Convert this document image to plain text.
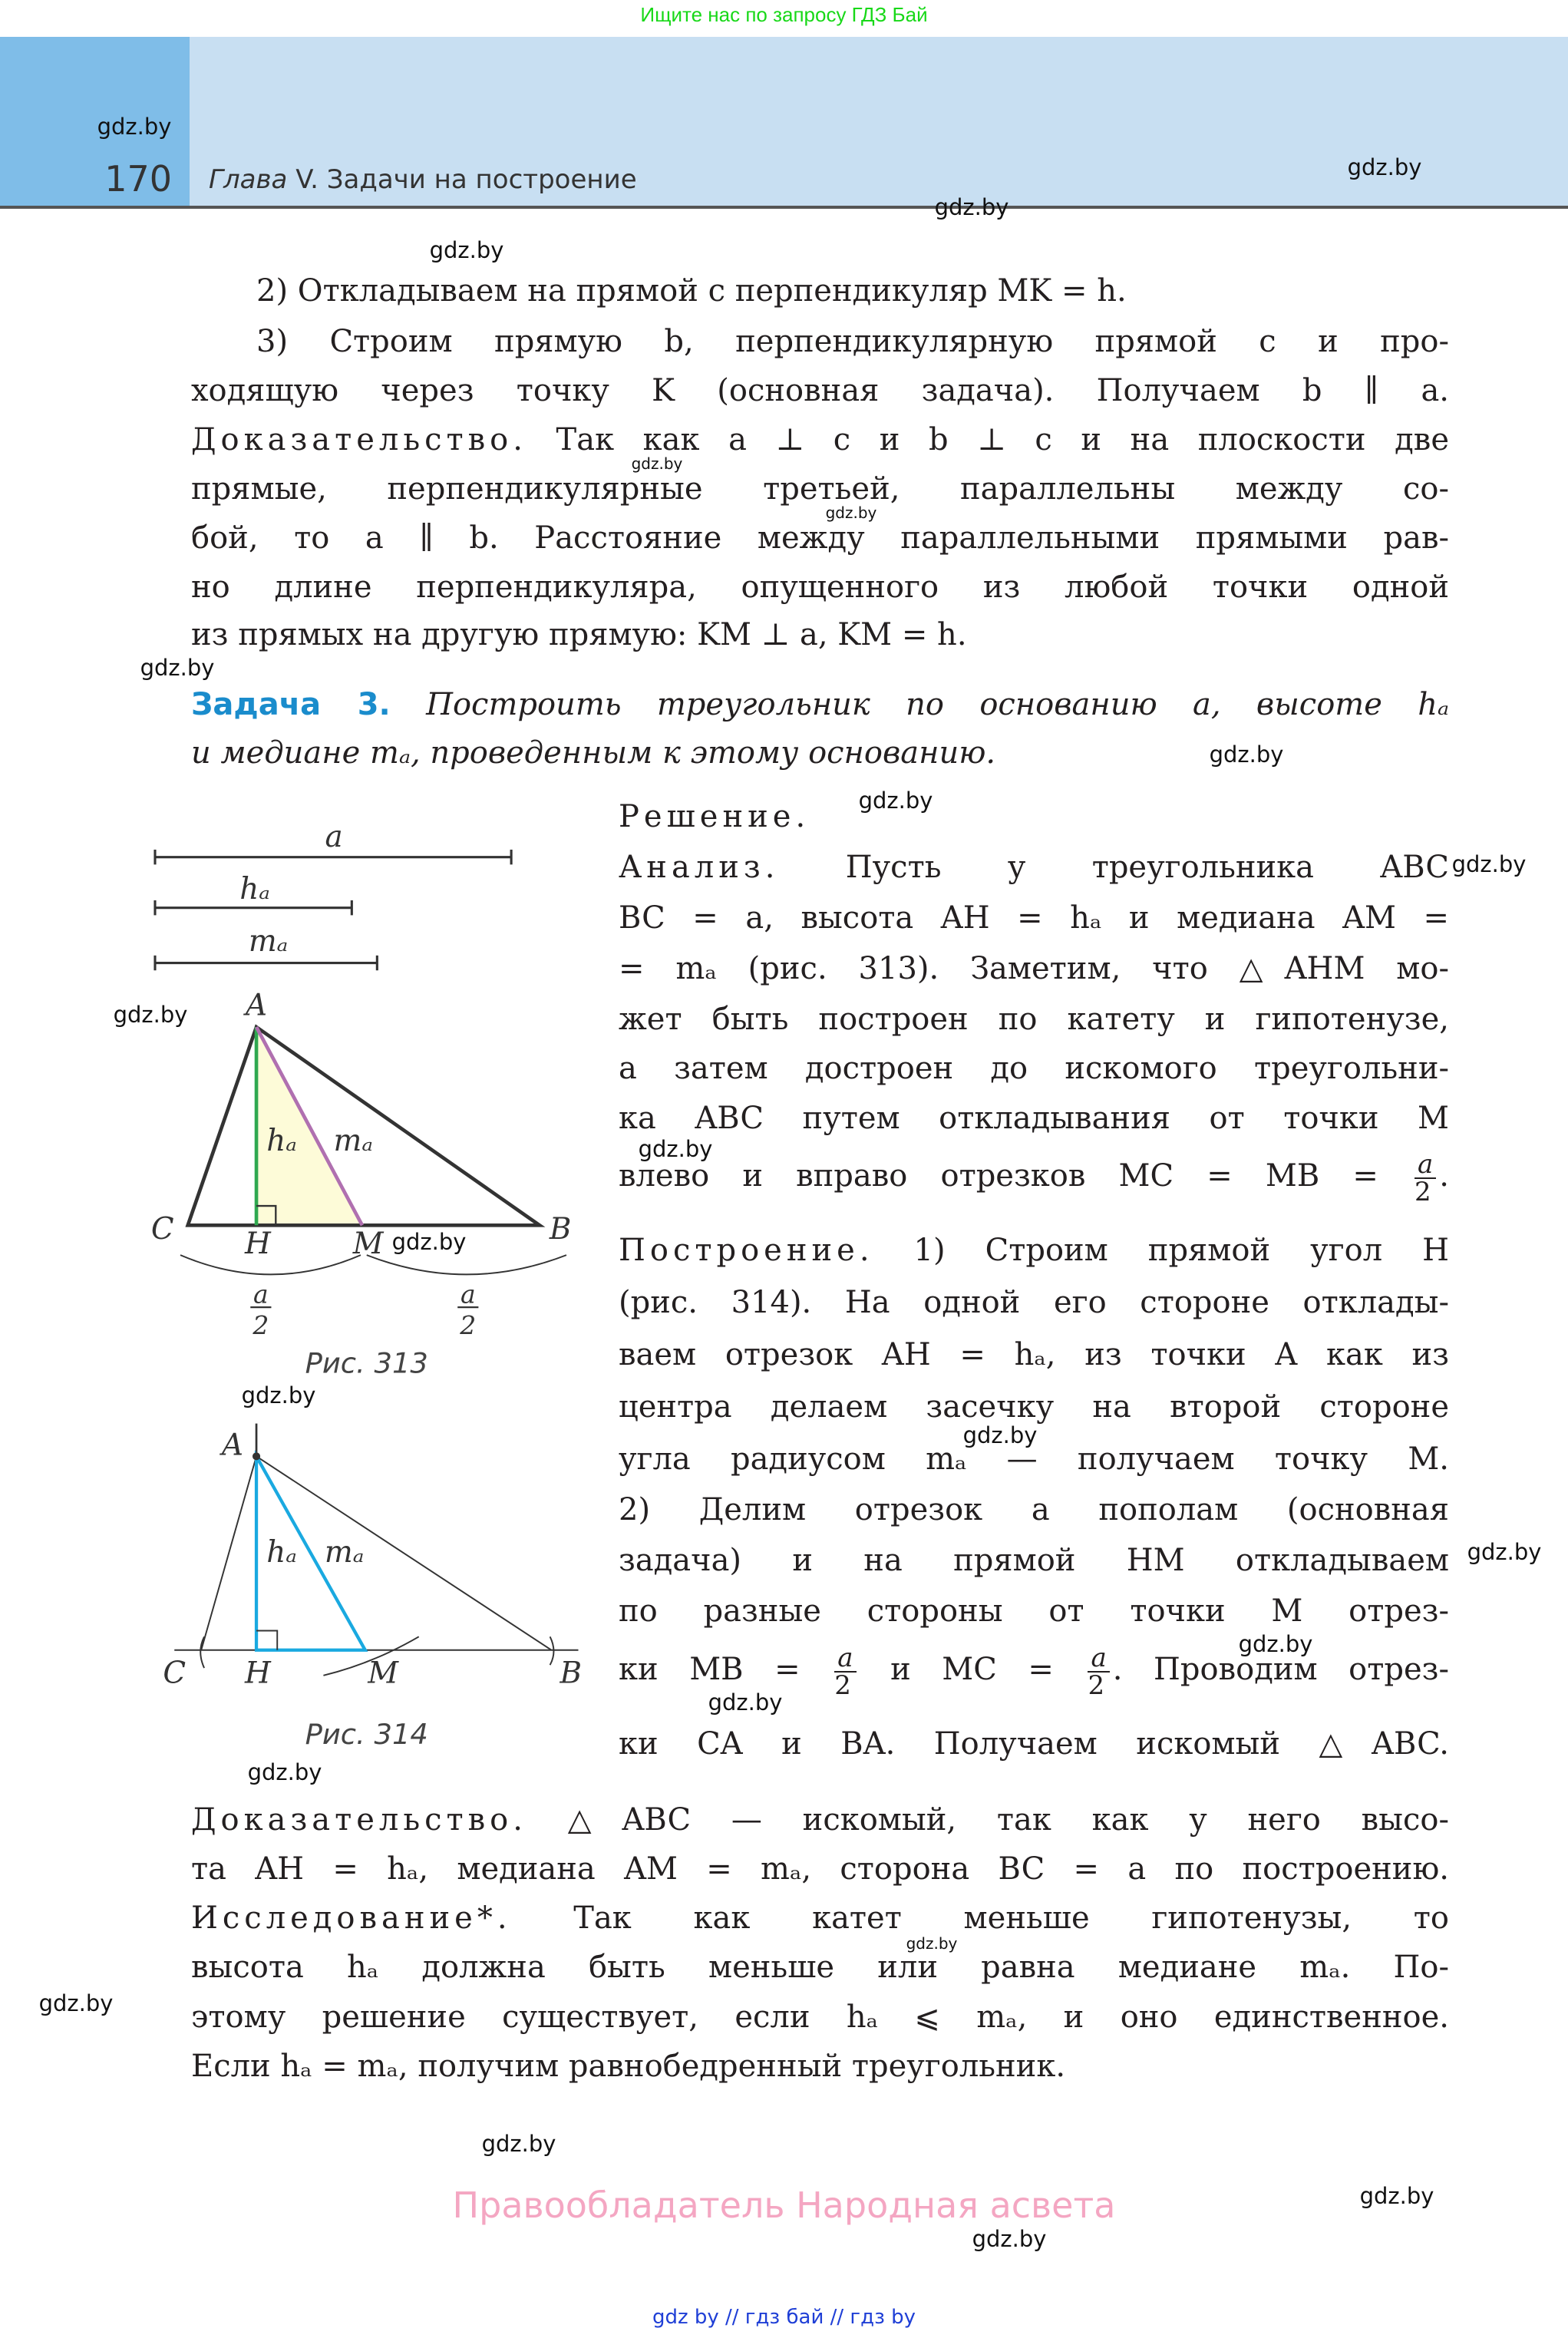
Ищите нас по запросу ГДЗ Бай
170 Глава V. Задачи на построение
2) Откладываем на прямой c перпендикуляр MK = h.
3) Строим прямую b, перпендикулярную прямой c и про-
ходящую через точку K (основная задача). Получаем b ∥ a.
Доказательство. Так как a ⊥ c и b ⊥ c и на плоскости две
прямые, перпендикулярные третьей, параллельны между со-
бой, то a ∥ b. Расстояние между параллельными прямыми рав-
но длине перпендикуляра, опущенного из любой точки одной
из прямых на другую прямую: KM ⊥ a, KM = h.
Задача 3. Построить треугольник по основанию a, высоте hₐ
и медиане mₐ, проведенным к этому основанию.
Решение.
Анализ. Пусть у треугольника ABC
BC = a, высота AH = hₐ и медиана AM =
= mₐ (рис. 313). Заметим, что △AHM мо-
жет быть построен по катету и гипотенузе,
а затем достроен до искомого треугольни-
ка ABC путем откладывания от точки M
влево и вправо отрезков MC = MB = $\frac{a}{2}$ .
Построение. 1) Строим прямой угол H
(рис. 314). На одной его стороне отклады-
ваем отрезок AH = hₐ, из точки A как из
центра делаем засечку на второй стороне
угла радиусом mₐ — получаем точку M.
2) Делим отрезок a пополам (основная
задача) и на прямой HM откладываем
по разные стороны от точки M отрез-
ки MB = $\frac{a}{2}$ и MC = $\frac{a}{2}$ . Проводим отрез-
ки CA и BA. Получаем искомый △ABC.
Доказательство. △ABC — искомый, так как у него высо-
та AH = hₐ, медиана AM = mₐ, сторона BC = a по построению.
Исследование*. Так как катет меньше гипотенузы, то
высота hₐ должна быть меньше или равна медиане mₐ. По-
этому решение существует, если hₐ ⩽ mₐ, и оно единственное.
Если hₐ = mₐ, получим равнобедренный треугольник.
a
hₐ
mₐ
A
C	H	M	B
hₐ mₐ
a
2
a
2
Рис. 313
A
C	H	M	B
hₐ mₐ
Рис. 314
gdz.by
gdz.by
gdz.by
gdz.by
gdz.by
gdz.by
gdz.by
gdz.by
gdz.by
gdz.by
gdz.by
gdz.by
gdz.by
gdz.by
gdz.by
gdz.by
gdz.by
gdz.by
gdz.by
gdz.by
gdz.by
gdz.by
gdz.by
gdz.by
Правообладатель Народная асвета
gdz by // гдз бай // гдз by
